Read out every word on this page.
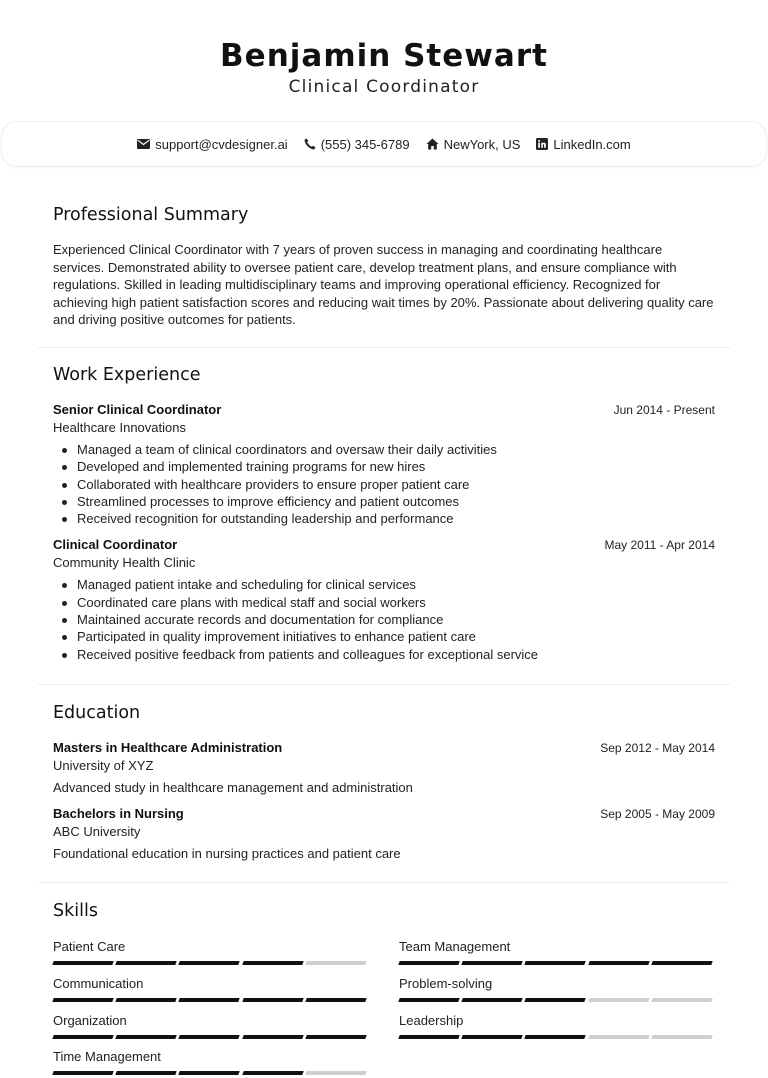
Benjamin Stewart
Clinical Coordinator
support@cvdesigner.ai	(555) 345-6789	NewYork, US	LinkedIn.com
Professional Summary
Experienced Clinical Coordinator with 7 years of proven success in managing and coordinating healthcare services. Demonstrated ability to oversee patient care, develop treatment plans, and ensure compliance with regulations. Skilled in leading multidisciplinary teams and improving operational efficiency. Recognized for achieving high patient satisfaction scores and reducing wait times by 20%. Passionate about delivering quality care and driving positive outcomes for patients.
Work Experience
Senior Clinical Coordinator	Jun 2014 - Present
Healthcare Innovations
Managed a team of clinical coordinators and oversaw their daily activities
Developed and implemented training programs for new hires
Collaborated with healthcare providers to ensure proper patient care
Streamlined processes to improve efficiency and patient outcomes
Received recognition for outstanding leadership and performance
Clinical Coordinator	May 2011 - Apr 2014
Community Health Clinic
Managed patient intake and scheduling for clinical services
Coordinated care plans with medical staff and social workers
Maintained accurate records and documentation for compliance
Participated in quality improvement initiatives to enhance patient care
Received positive feedback from patients and colleagues for exceptional service
Education
Masters in Healthcare Administration	Sep 2012 - May 2014
University of XYZ
Advanced study in healthcare management and administration
Bachelors in Nursing	Sep 2005 - May 2009
ABC University
Foundational education in nursing practices and patient care
Skills
Patient Care	Team Management
Communication	Problem-solving
Organization	Leadership
Time Management
